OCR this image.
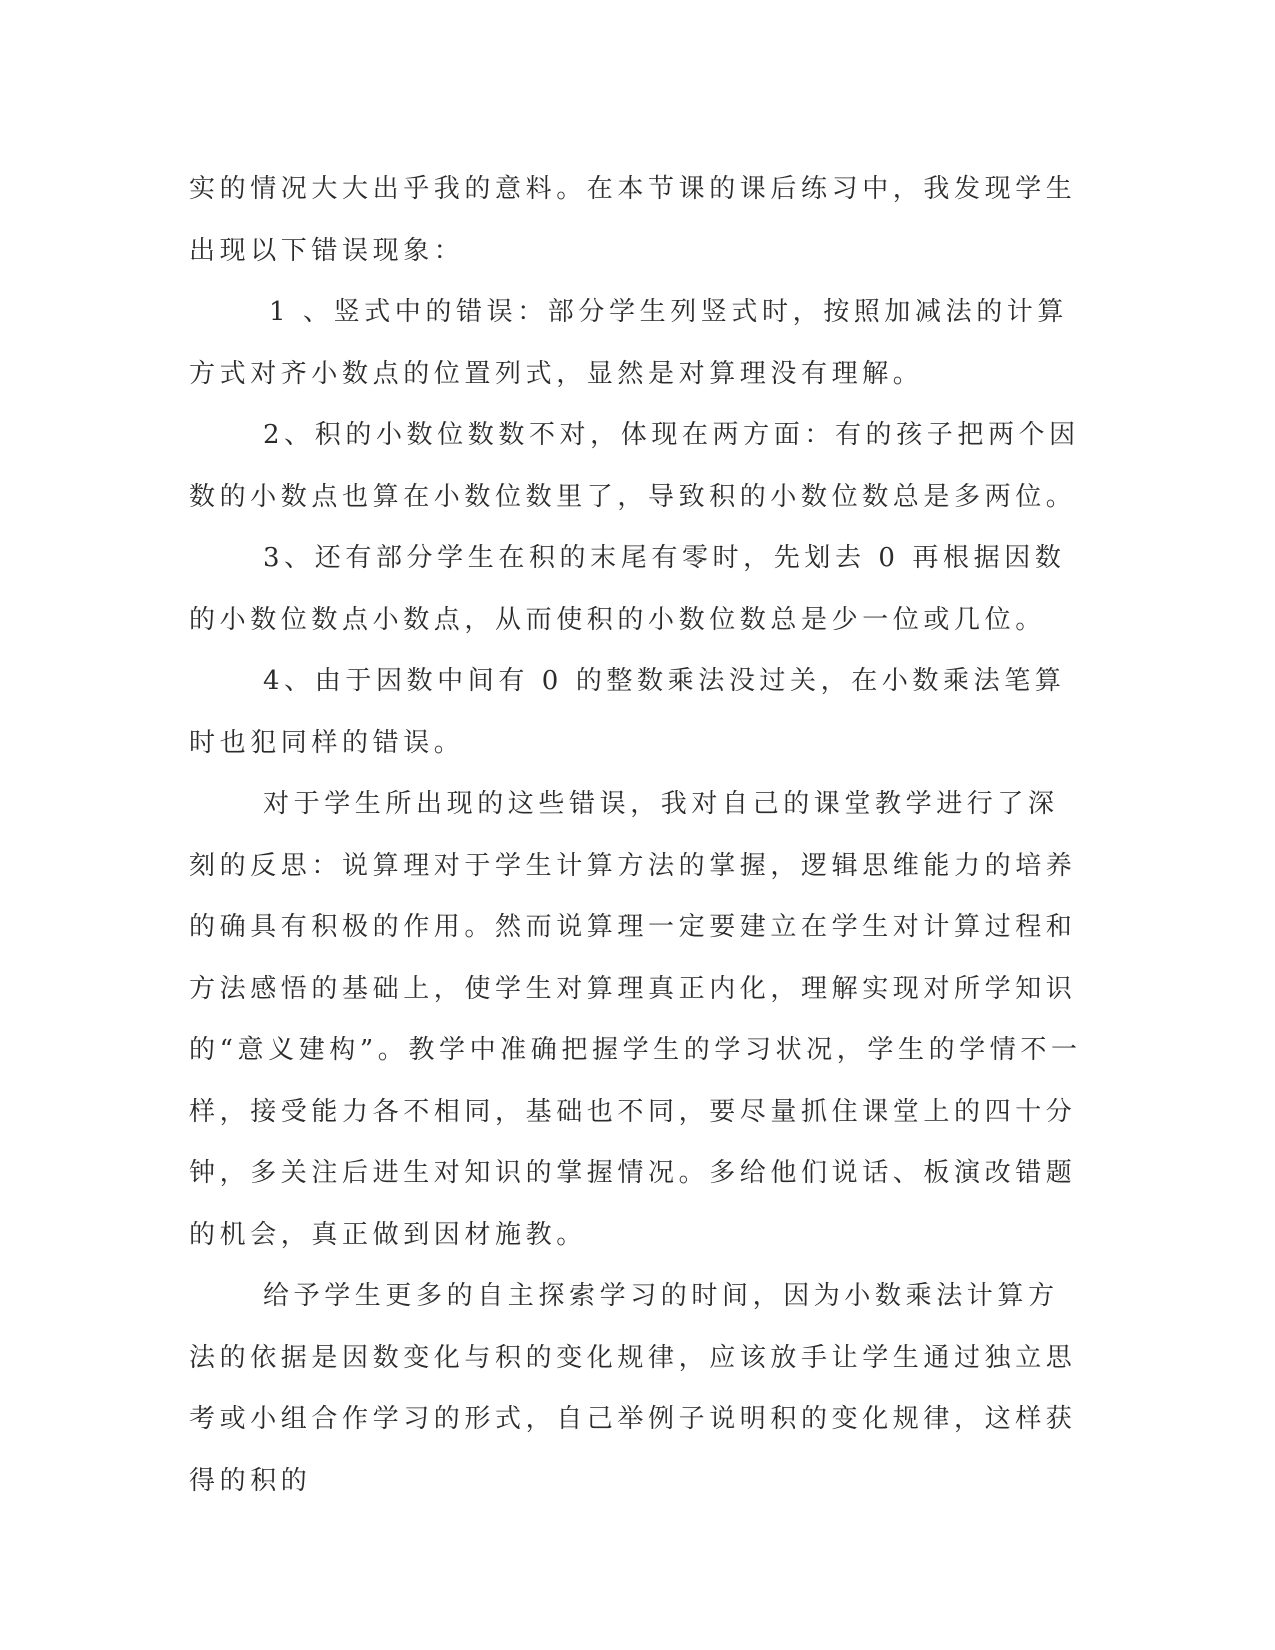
实的情况大大出乎我的意料。在本节课的课后练习中，我发现学生出现以下错误现象：

1 、竖式中的错误：部分学生列竖式时，按照加减法的计算方式对齐小数点的位置列式，显然是对算理没有理解。

2、积的小数位数数不对，体现在两方面：有的孩子把两个因数的小数点也算在小数位数里了，导致积的小数位数总是多两位。

3、还有部分学生在积的末尾有零时，先划去 0 再根据因数的小数位数点小数点，从而使积的小数位数总是少一位或几位。

4、由于因数中间有 0 的整数乘法没过关，在小数乘法笔算时也犯同样的错误。

对于学生所出现的这些错误，我对自己的课堂教学进行了深刻的反思：说算理对于学生计算方法的掌握，逻辑思维能力的培养的确具有积极的作用。然而说算理一定要建立在学生对计算过程和方法感悟的基础上，使学生对算理真正内化，理解实现对所学知识的“意义建构”。教学中准确把握学生的学习状况，学生的学情不一样，接受能力各不相同，基础也不同，要尽量抓住课堂上的四十分钟，多关注后进生对知识的掌握情况。多给他们说话、板演改错题的机会，真正做到因材施教。

给予学生更多的自主探索学习的时间，因为小数乘法计算方法的依据是因数变化与积的变化规律，应该放手让学生通过独立思考或小组合作学习的形式，自己举例子说明积的变化规律，这样获得的积的
